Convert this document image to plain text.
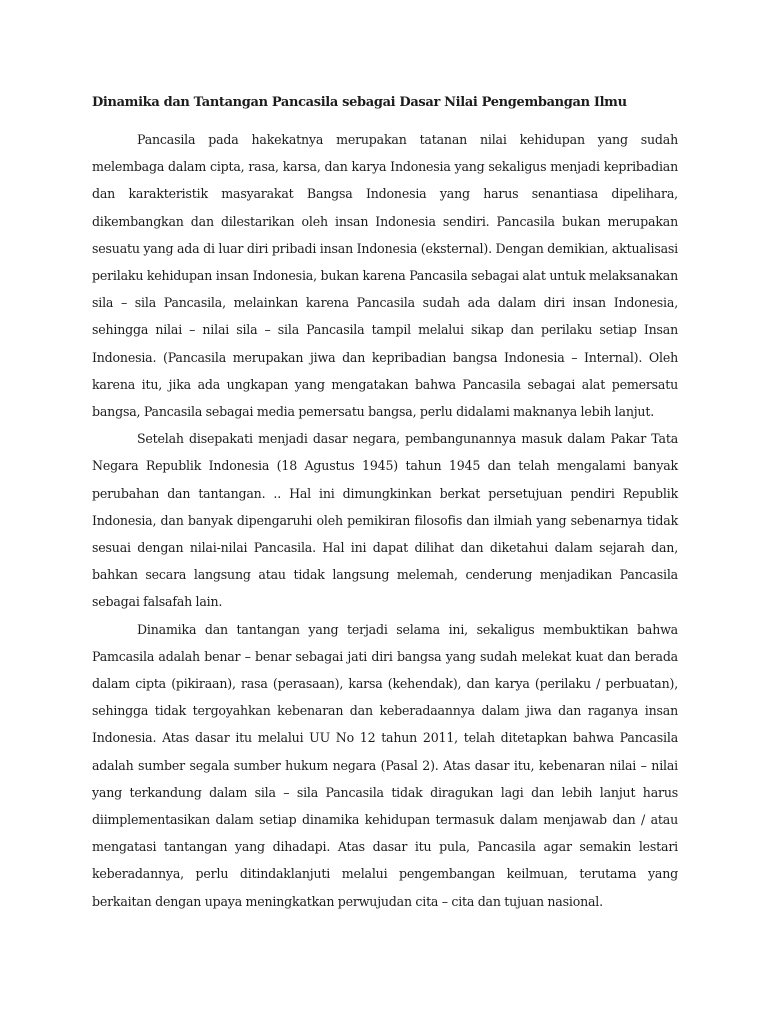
Dinamika dan Tantangan Pancasila sebagai Dasar Nilai Pengembangan Ilmu

Pancasila pada hakekatnya merupakan tatanan nilai kehidupan yang sudah melembaga dalam cipta, rasa, karsa, dan karya Indonesia yang sekaligus menjadi kepribadian dan karakteristik masyarakat Bangsa Indonesia yang harus senantiasa dipelihara, dikembangkan dan dilestarikan oleh insan Indonesia sendiri. Pancasila bukan merupakan sesuatu yang ada di luar diri pribadi insan Indonesia (eksternal). Dengan demikian, aktualisasi perilaku kehidupan insan Indonesia, bukan karena Pancasila sebagai alat untuk melaksanakan sila – sila Pancasila, melainkan karena Pancasila sudah ada dalam diri insan Indonesia, sehingga nilai – nilai sila – sila Pancasila tampil melalui sikap dan perilaku setiap Insan Indonesia. (Pancasila merupakan jiwa dan kepribadian bangsa Indonesia – Internal). Oleh karena itu, jika ada ungkapan yang mengatakan bahwa Pancasila sebagai alat pemersatu bangsa, Pancasila sebagai media pemersatu bangsa, perlu didalami maknanya lebih lanjut.

Setelah disepakati menjadi dasar negara, pembangunannya masuk dalam Pakar Tata Negara Republik Indonesia (18 Agustus 1945) tahun 1945 dan telah mengalami banyak perubahan dan tantangan. .. Hal ini dimungkinkan berkat persetujuan pendiri Republik Indonesia, dan banyak dipengaruhi oleh pemikiran filosofis dan ilmiah yang sebenarnya tidak sesuai dengan nilai-nilai Pancasila. Hal ini dapat dilihat dan diketahui dalam sejarah dan, bahkan secara langsung atau tidak langsung melemah, cenderung menjadikan Pancasila sebagai falsafah lain.

Dinamika dan tantangan yang terjadi selama ini, sekaligus membuktikan bahwa Pamcasila adalah benar – benar sebagai jati diri bangsa yang sudah melekat kuat dan berada dalam cipta (pikiraan), rasa (perasaan), karsa (kehendak), dan karya (perilaku / perbuatan), sehingga tidak tergoyahkan kebenaran dan keberadaannya dalam jiwa dan raganya insan Indonesia. Atas dasar itu melalui UU No 12 tahun 2011, telah ditetapkan bahwa Pancasila adalah sumber segala sumber hukum negara (Pasal 2). Atas dasar itu, kebenaran nilai – nilai yang terkandung dalam sila – sila Pancasila tidak diragukan lagi dan lebih lanjut harus diimplementasikan dalam setiap dinamika kehidupan termasuk dalam menjawab dan / atau mengatasi tantangan yang dihadapi. Atas dasar itu pula, Pancasila agar semakin lestari keberadannya, perlu ditindaklanjuti melalui pengembangan keilmuan, terutama yang berkaitan dengan upaya meningkatkan perwujudan cita – cita dan tujuan nasional.
